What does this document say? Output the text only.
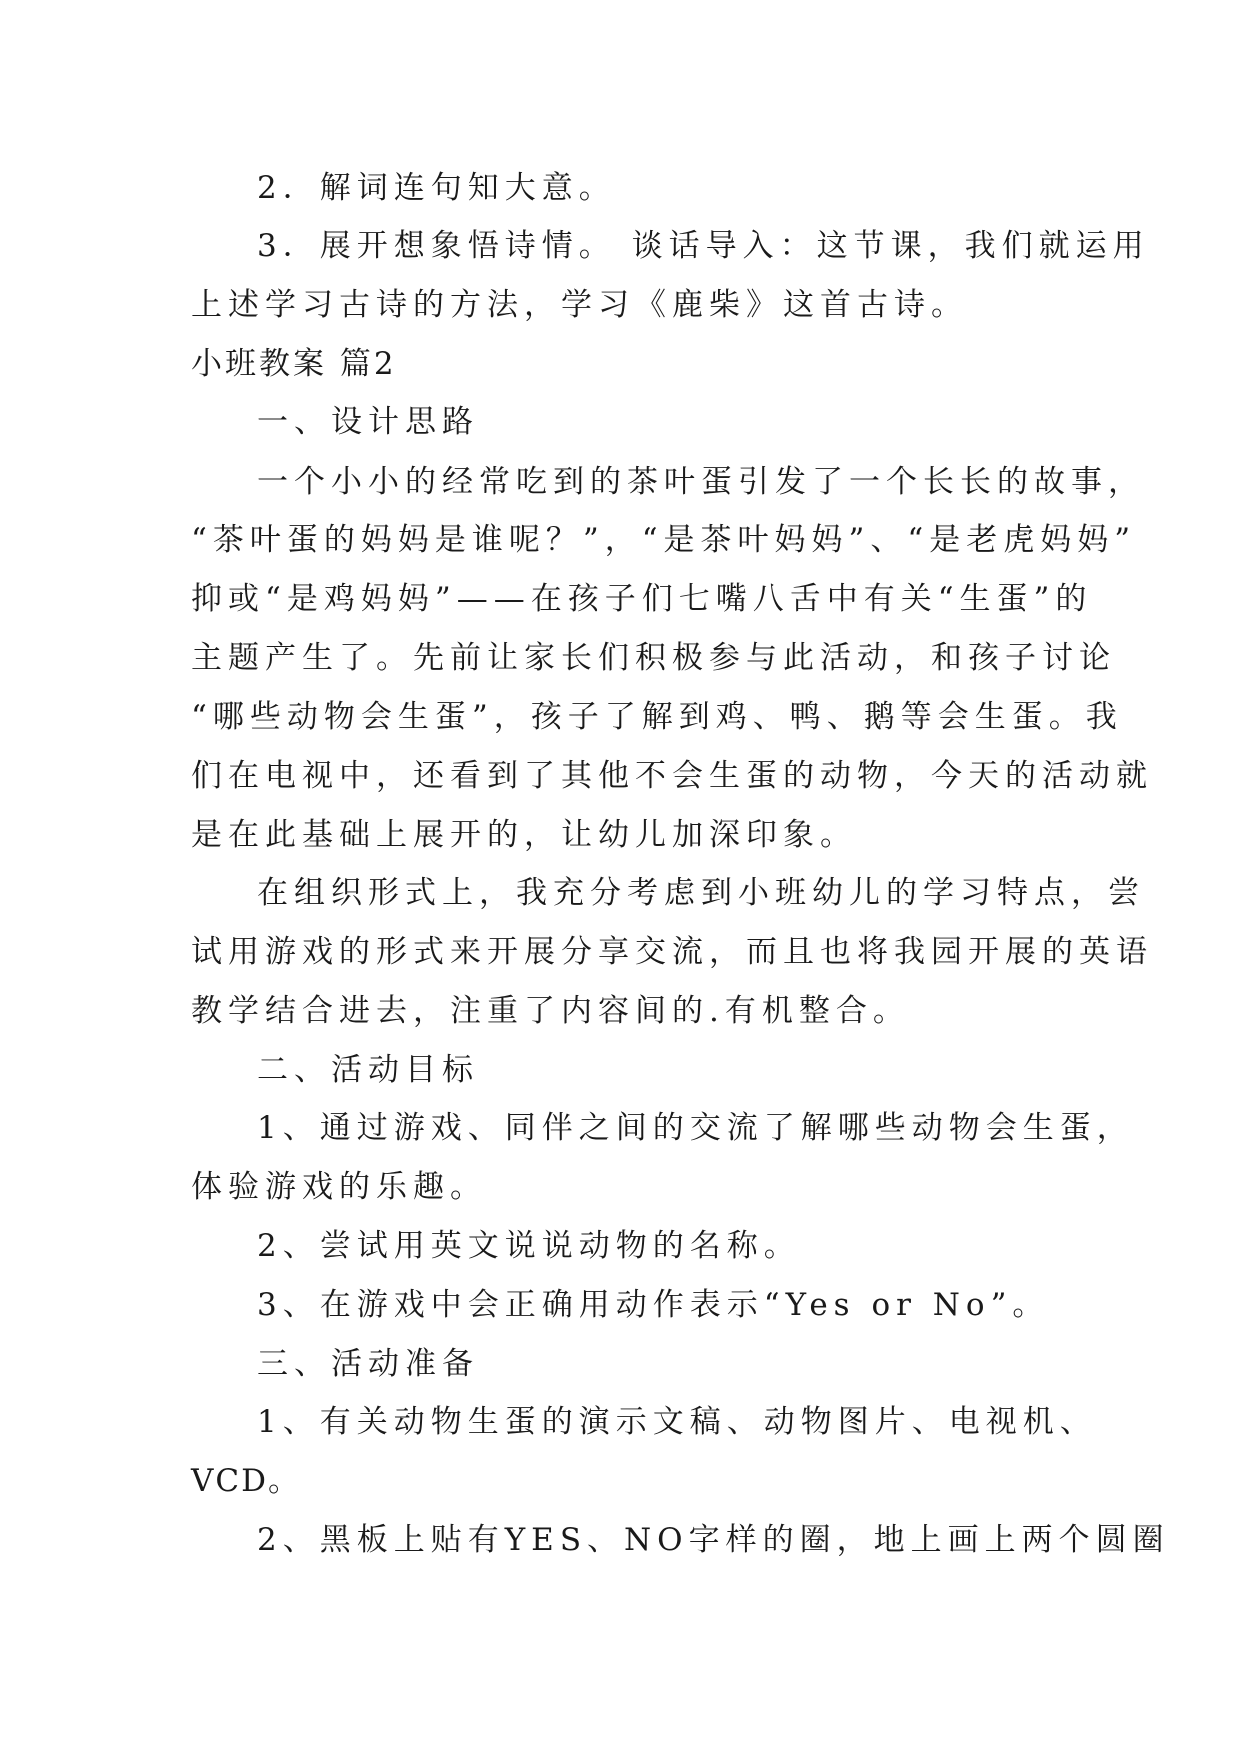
2．解词连句知大意。

3．展开想象悟诗情。 谈话导入：这节课，我们就运用

上述学习古诗的方法，学习《鹿柴》这首古诗。

小班教案 篇2

一、设计思路

一个小小的经常吃到的茶叶蛋引发了一个长长的故事，

“茶叶蛋的妈妈是谁呢？”，“是茶叶妈妈”、“是老虎妈妈”

抑或“是鸡妈妈”——在孩子们七嘴八舌中有关“生蛋”的

主题产生了。先前让家长们积极参与此活动，和孩子讨论

“哪些动物会生蛋”，孩子了解到鸡、鸭、鹅等会生蛋。我

们在电视中，还看到了其他不会生蛋的动物，今天的活动就

是在此基础上展开的，让幼儿加深印象。

在组织形式上，我充分考虑到小班幼儿的学习特点，尝

试用游戏的形式来开展分享交流，而且也将我园开展的英语

教学结合进去，注重了内容间的.有机整合。

二、活动目标

1、通过游戏、同伴之间的交流了解哪些动物会生蛋，

体验游戏的乐趣。

2、尝试用英文说说动物的名称。

3、在游戏中会正确用动作表示“Yes or No”。

三、活动准备

1、有关动物生蛋的演示文稿、动物图片、电视机、

VCD。

2、黑板上贴有YES、NO字样的圈，地上画上两个圆圈
